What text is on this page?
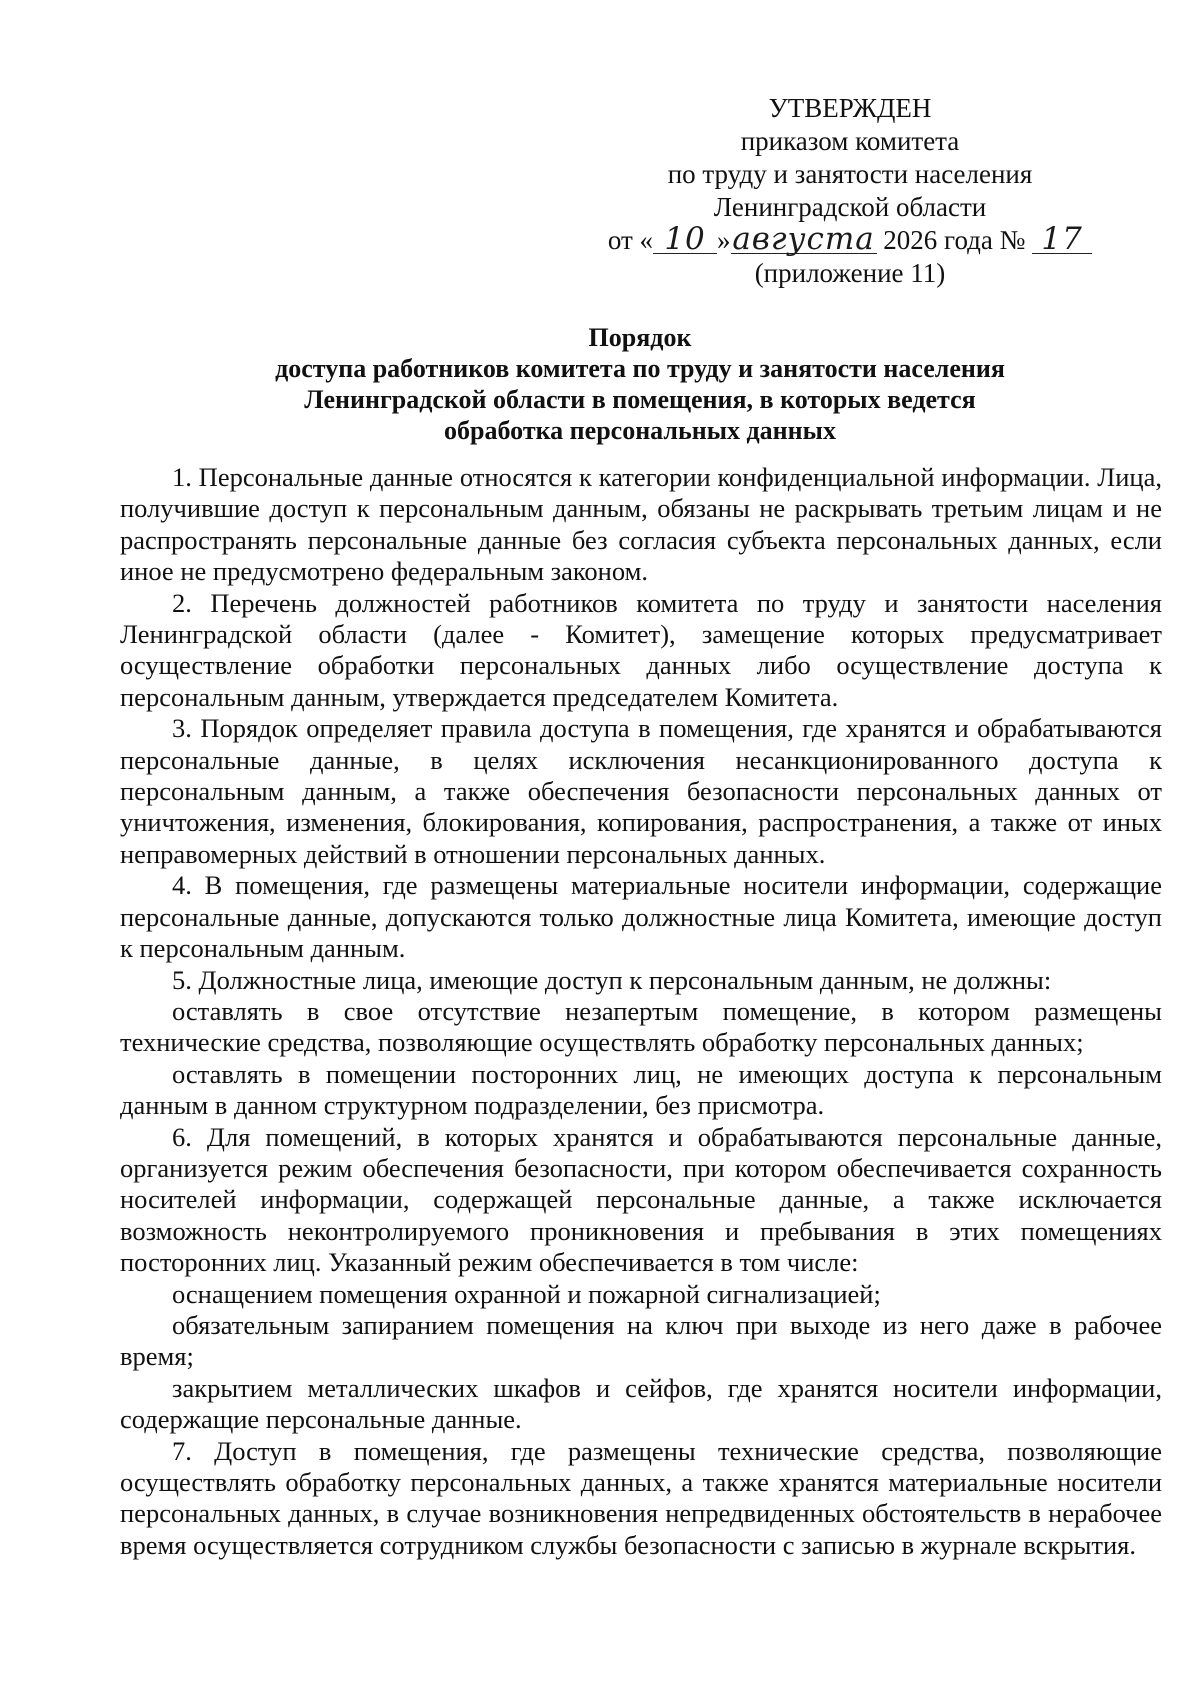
УТВЕРЖДЕН
приказом комитета
по труду и занятости населения
Ленинградской области
от « 10 »августа 2026 года № 17
(приложение 11)
Порядок
доступа работников комитета по труду и занятости населения
Ленинградской области в помещения, в которых ведется
обработка персональных данных

1. Персональные данные относятся к категории конфиденциальной информации. Лица, получившие доступ к персональным данным, обязаны не раскрывать третьим лицам и не распространять персональные данные без согласия субъекта персональных данных, если иное не предусмотрено федеральным законом.

2. Перечень должностей работников комитета по труду и занятости населения Ленинградской области (далее - Комитет), замещение которых предусматривает осуществление обработки персональных данных либо осуществление доступа к персональным данным, утверждается председателем Комитета.

3. Порядок определяет правила доступа в помещения, где хранятся и обрабатываются персональные данные, в целях исключения несанкционированного доступа к персональным данным, а также обеспечения безопасности персональных данных от уничтожения, изменения, блокирования, копирования, распространения, а также от иных неправомерных действий в отношении персональных данных.

4. В помещения, где размещены материальные носители информации, содержащие персональные данные, допускаются только должностные лица Комитета, имеющие доступ к персональным данным.

5. Должностные лица, имеющие доступ к персональным данным, не должны:

оставлять в свое отсутствие незапертым помещение, в котором размещены технические средства, позволяющие осуществлять обработку персональных данных;

оставлять в помещении посторонних лиц, не имеющих доступа к персональным данным в данном структурном подразделении, без присмотра.

6. Для помещений, в которых хранятся и обрабатываются персональные данные, организуется режим обеспечения безопасности, при котором обеспечивается сохранность носителей информации, содержащей персональные данные, а также исключается возможность неконтролируемого проникновения и пребывания в этих помещениях посторонних лиц. Указанный режим обеспечивается в том числе:

оснащением помещения охранной и пожарной сигнализацией;

обязательным запиранием помещения на ключ при выходе из него даже в рабочее время;

закрытием металлических шкафов и сейфов, где хранятся носители информации, содержащие персональные данные.

7. Доступ в помещения, где размещены технические средства, позволяющие осуществлять обработку персональных данных, а также хранятся материальные носители персональных данных, в случае возникновения непредвиденных обстоятельств в нерабочее время осуществляется сотрудником службы безопасности с записью в журнале вскрытия.
